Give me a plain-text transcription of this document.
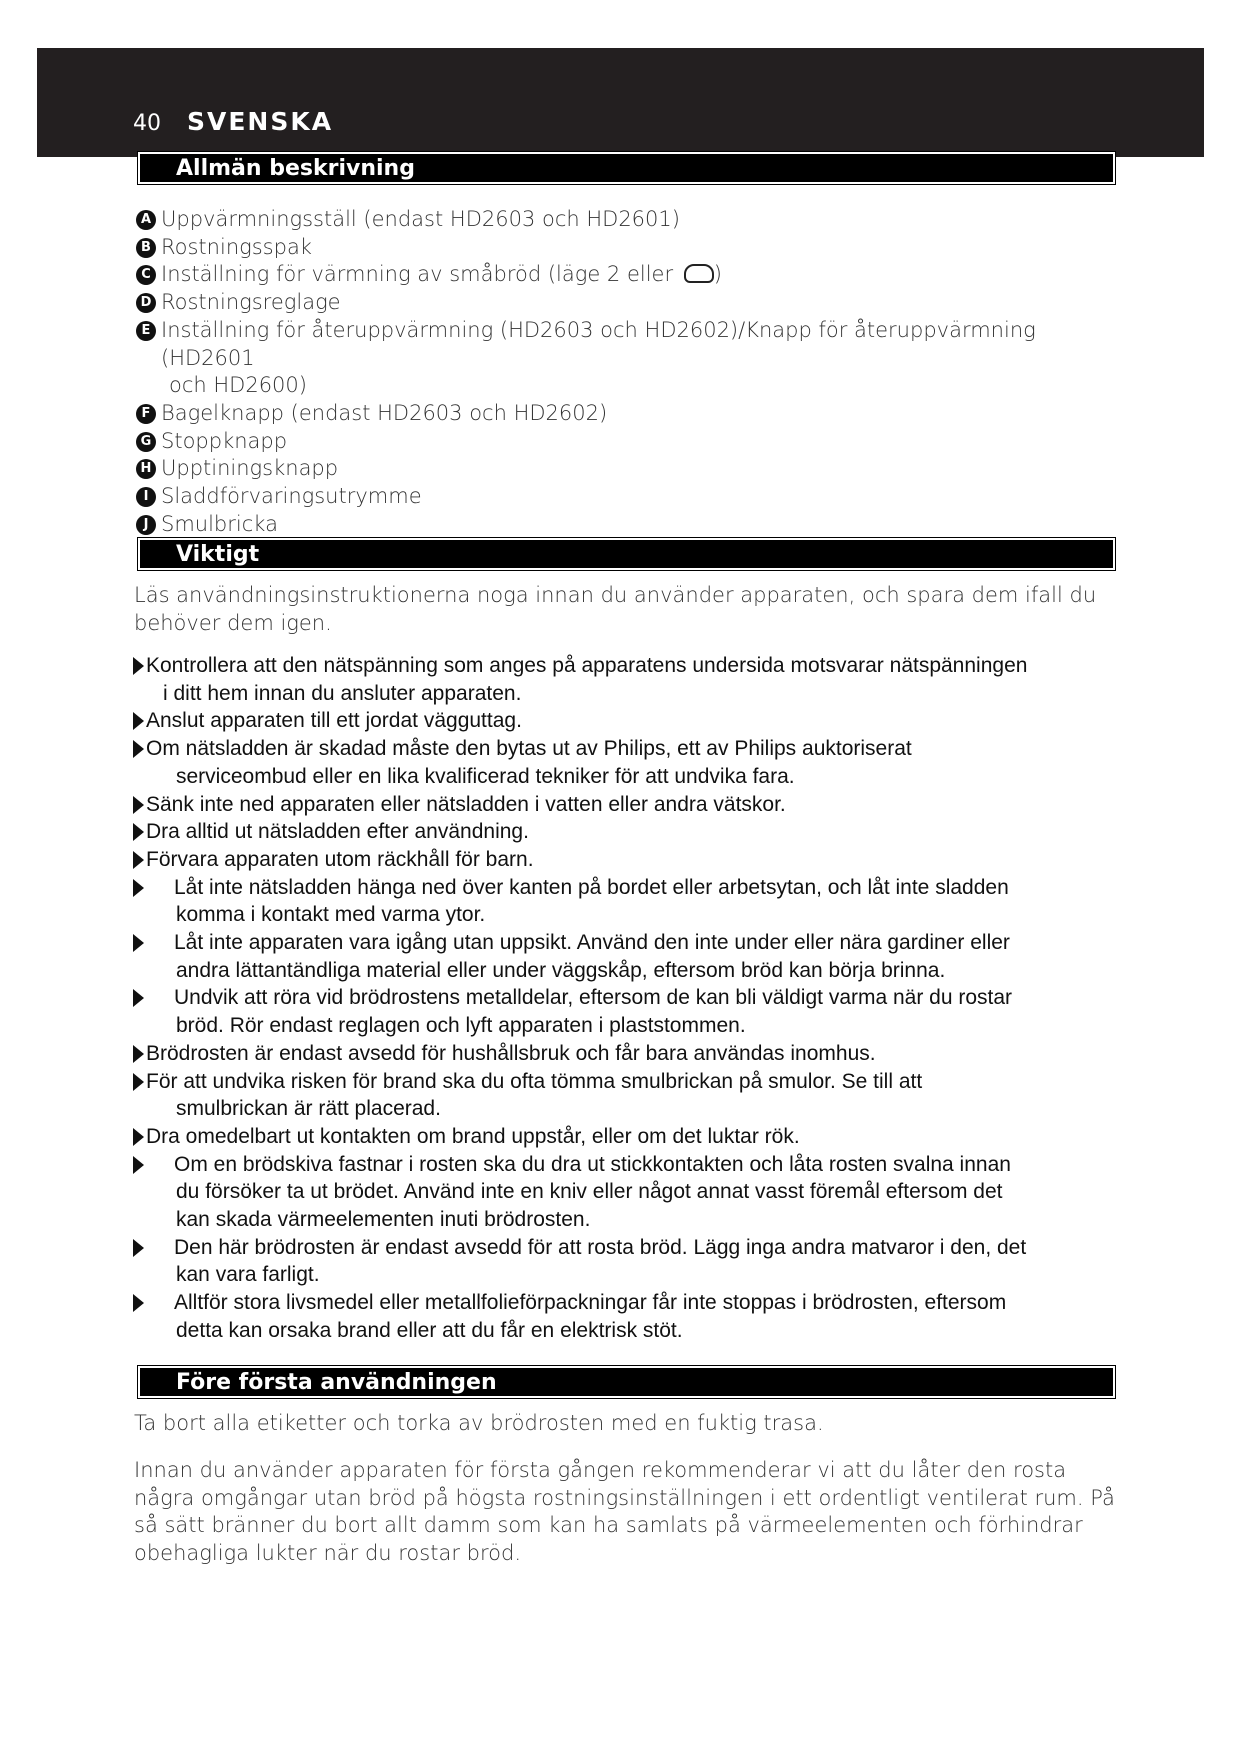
40 SVENSKA
Allmän beskrivning
A Uppvärmningsställ (endast HD2603 och HD2601)
B Rostningsspak
C Inställning för värmning av småbröd (läge 2 eller )
D Rostningsreglage
E Inställning för återuppvärmning (HD2603 och HD2602)/Knapp för återuppvärmning (HD2601
och HD2600)
F Bagelknapp (endast HD2603 och HD2602)
G Stoppknapp
H Upptiningsknapp
I Sladdförvaringsutrymme
J Smulbricka
Viktigt
Läs användningsinstruktionerna noga innan du använder apparaten, och spara dem ifall du behöver dem igen.
Kontrollera att den nätspänning som anges på apparatens undersida motsvarar nätspänningen
i ditt hem innan du ansluter apparaten.
Anslut apparaten till ett jordat vägguttag.
Om nätsladden är skadad måste den bytas ut av Philips, ett av Philips auktoriserat
serviceombud eller en lika kvalificerad tekniker för att undvika fara.
Sänk inte ned apparaten eller nätsladden i vatten eller andra vätskor.
Dra alltid ut nätsladden efter användning.
Förvara apparaten utom räckhåll för barn.
Låt inte nätsladden hänga ned över kanten på bordet eller arbetsytan, och låt inte sladden
komma i kontakt med varma ytor.
Låt inte apparaten vara igång utan uppsikt. Använd den inte under eller nära gardiner eller
andra lättantändliga material eller under väggskåp, eftersom bröd kan börja brinna.
Undvik att röra vid brödrostens metalldelar, eftersom de kan bli väldigt varma när du rostar
bröd. Rör endast reglagen och lyft apparaten i plaststommen.
Brödrosten är endast avsedd för hushållsbruk och får bara användas inomhus.
För att undvika risken för brand ska du ofta tömma smulbrickan på smulor. Se till att
smulbrickan är rätt placerad.
Dra omedelbart ut kontakten om brand uppstår, eller om det luktar rök.
Om en brödskiva fastnar i rosten ska du dra ut stickkontakten och låta rosten svalna innan
du försöker ta ut brödet. Använd inte en kniv eller något annat vasst föremål eftersom det
kan skada värmeelementen inuti brödrosten.
Den här brödrosten är endast avsedd för att rosta bröd. Lägg inga andra matvaror i den, det
kan vara farligt.
Alltför stora livsmedel eller metallfolieförpackningar får inte stoppas i brödrosten, eftersom
detta kan orsaka brand eller att du får en elektrisk stöt.
Före första användningen
Ta bort alla etiketter och torka av brödrosten med en fuktig trasa.
Innan du använder apparaten för första gången rekommenderar vi att du låter den rosta några omgångar utan bröd på högsta rostningsinställningen i ett ordentligt ventilerat rum. På så sätt bränner du bort allt damm som kan ha samlats på värmeelementen och förhindrar obehagliga lukter när du rostar bröd.
